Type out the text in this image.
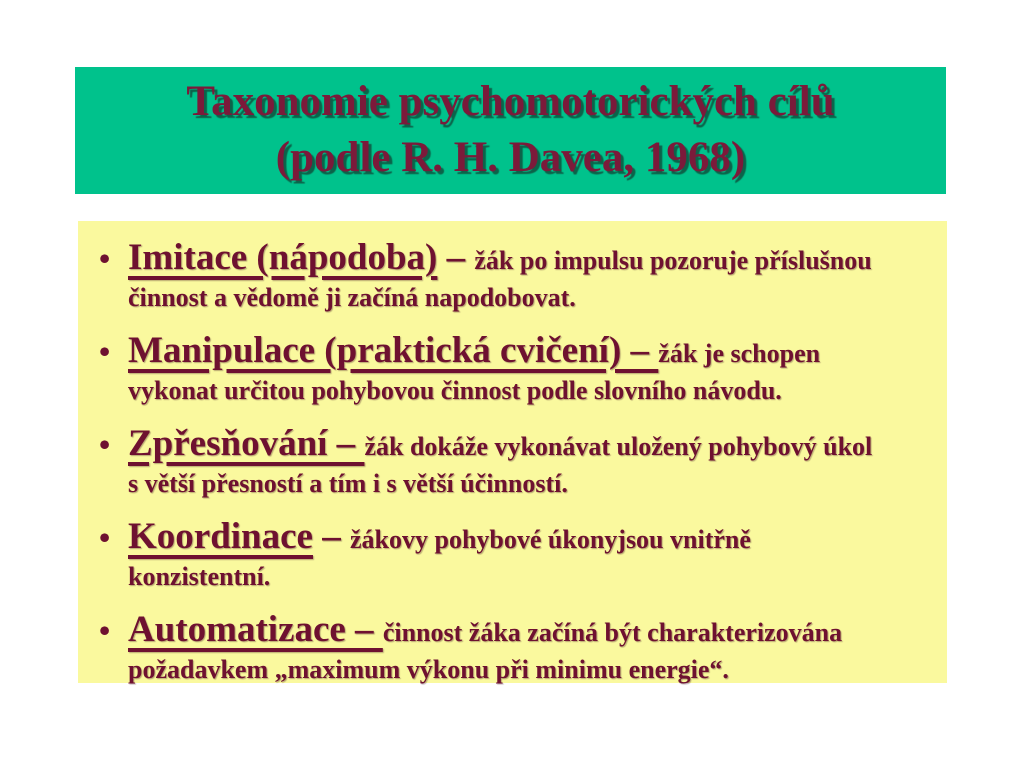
Taxonomie psychomotorických cílů
(podle R. H. Davea, 1968)
• Imitace (nápodoba) – žák po impulsu pozoruje příslušnou
činnost a vědomě ji začíná napodobovat.
• Manipulace (praktická cvičení) – žák je schopen
vykonat určitou pohybovou činnost podle slovního návodu.
• Zpřesňování – žák dokáže vykonávat uložený pohybový úkol
s větší přesností a tím i s větší účinností.
• Koordinace – žákovy pohybové úkonyjsou vnitřně
konzistentní.
• Automatizace – činnost žáka začíná být charakterizována
požadavkem „maximum výkonu při minimu energie“.
